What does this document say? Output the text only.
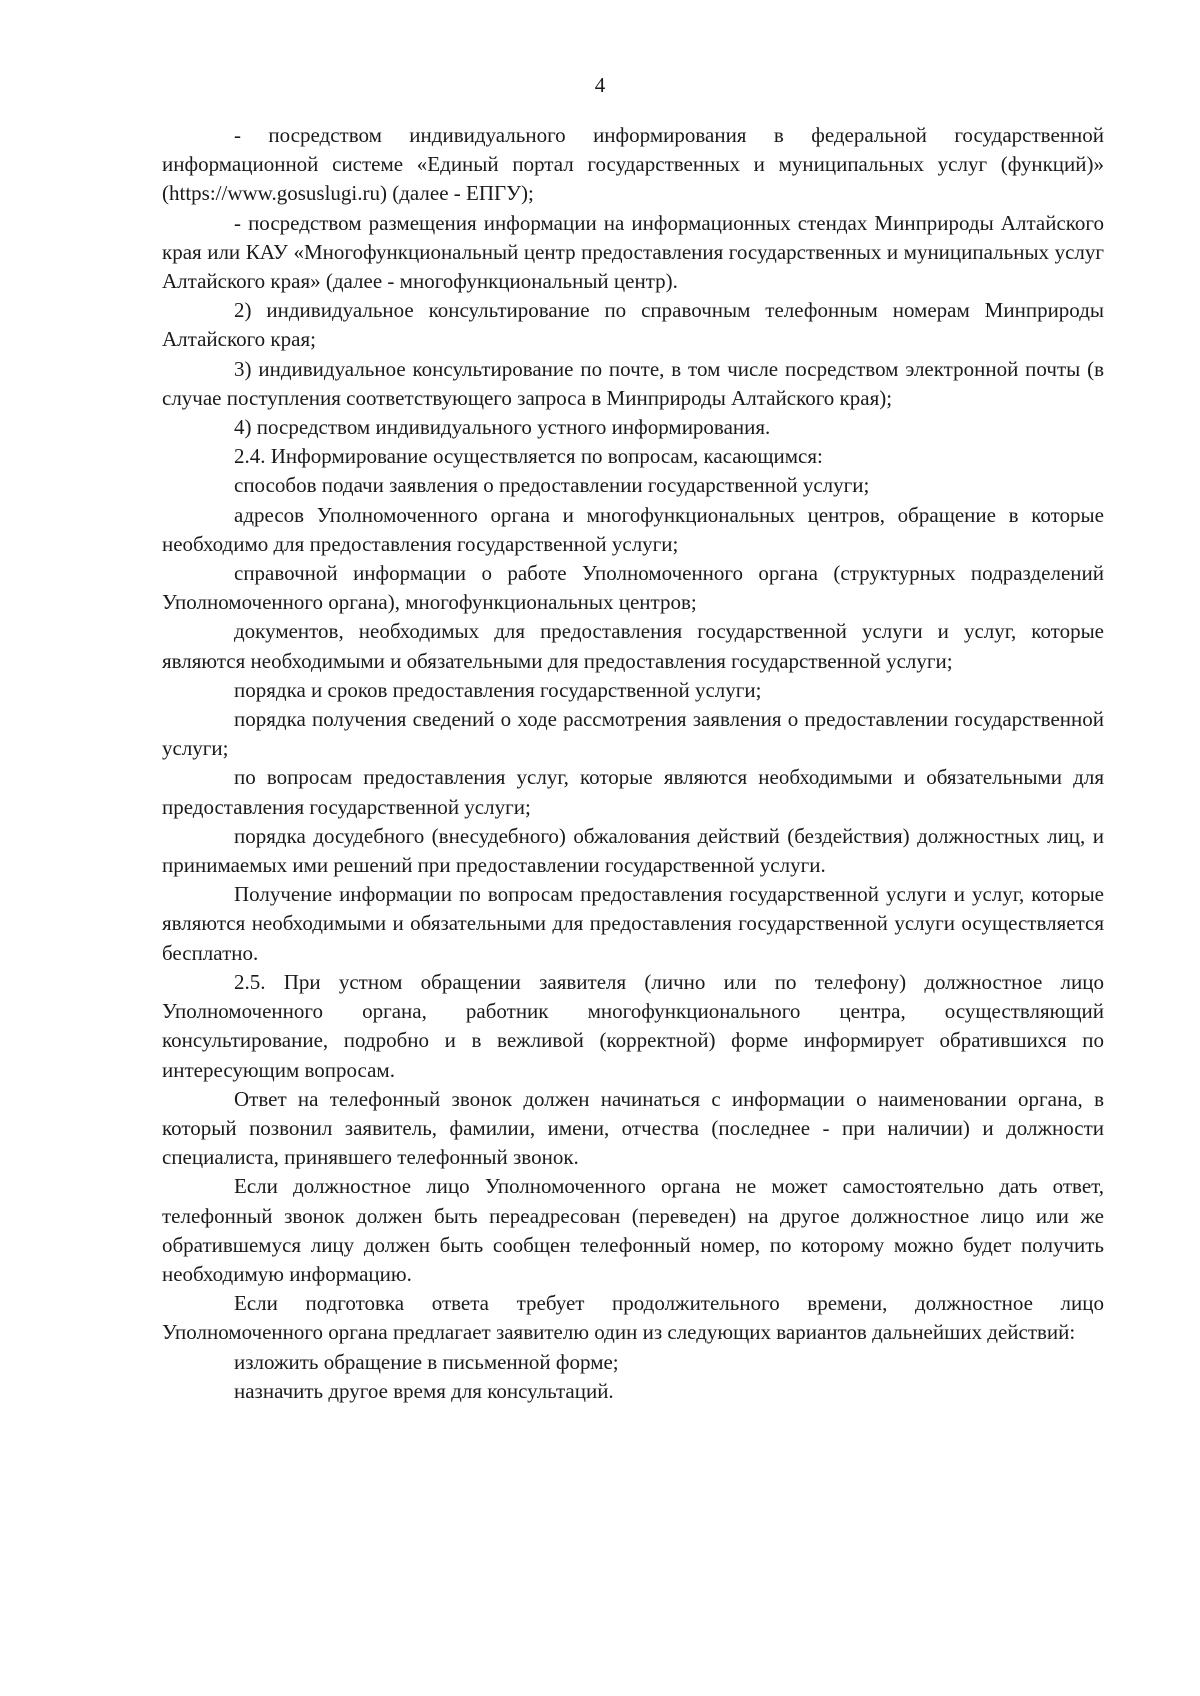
4

- посредством индивидуального информирования в федеральной государственной информационной системе «Единый портал государственных и муниципальных услуг (функций)» (https://www.gosuslugi.ru) (далее - ЕПГУ);

- посредством размещения информации на информационных стендах Минприроды Алтайского края или КАУ «Многофункциональный центр предоставления государственных и муниципальных услуг Алтайского края» (далее - многофункциональный центр).

2) индивидуальное консультирование по справочным телефонным номерам Минприроды Алтайского края;

3) индивидуальное консультирование по почте, в том числе посредством электронной почты (в случае поступления соответствующего запроса в Минприроды Алтайского края);

4) посредством индивидуального устного информирования.

2.4. Информирование осуществляется по вопросам, касающимся:

способов подачи заявления о предоставлении государственной услуги;

адресов Уполномоченного органа и многофункциональных центров, обращение в которые необходимо для предоставления государственной услуги;

справочной информации о работе Уполномоченного органа (структурных подразделений Уполномоченного органа), многофункциональных центров;

документов, необходимых для предоставления государственной услуги и услуг, которые являются необходимыми и обязательными для предоставления государственной услуги;

порядка и сроков предоставления государственной услуги;

порядка получения сведений о ходе рассмотрения заявления о предоставлении государственной услуги;

по вопросам предоставления услуг, которые являются необходимыми и обязательными для предоставления государственной услуги;

порядка досудебного (внесудебного) обжалования действий (бездействия) должностных лиц, и принимаемых ими решений при предоставлении государственной услуги.

Получение информации по вопросам предоставления государственной услуги и услуг, которые являются необходимыми и обязательными для предоставления государственной услуги осуществляется бесплатно.

2.5. При устном обращении заявителя (лично или по телефону) должностное лицо Уполномоченного органа, работник многофункционального центра, осуществляющий консультирование, подробно и в вежливой (корректной) форме информирует обратившихся по интересующим вопросам.

Ответ на телефонный звонок должен начинаться с информации о наименовании органа, в который позвонил заявитель, фамилии, имени, отчества (последнее - при наличии) и должности специалиста, принявшего телефонный звонок.

Если должностное лицо Уполномоченного органа не может самостоятельно дать ответ, телефонный звонок должен быть переадресован (переведен) на другое должностное лицо или же обратившемуся лицу должен быть сообщен телефонный номер, по которому можно будет получить необходимую информацию.

Если подготовка ответа требует продолжительного времени, должностное лицо Уполномоченного органа предлагает заявителю один из следующих вариантов дальнейших действий:

изложить обращение в письменной форме;

назначить другое время для консультаций.
